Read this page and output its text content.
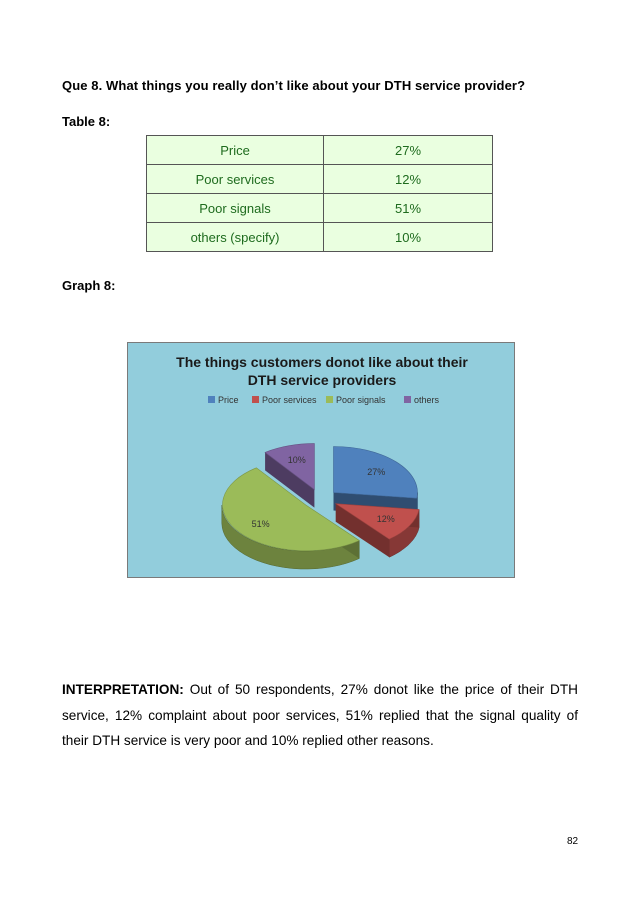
Que 8. What things you really don’t like about your DTH service provider?
Table 8:
Price	27%
Poor services	12%
Poor signals	51%
others (specify)	10%
Graph 8:
The things customers donot like about their
DTH service providers
Price	Poor services Poor signals	others
27%
12%
51%
10%
INTERPRETATION: Out of 50 respondents, 27% donot like the price of their DTH service, 12% complaint about poor services, 51% replied that the signal quality of their DTH service is very poor and 10% replied other reasons.
82
